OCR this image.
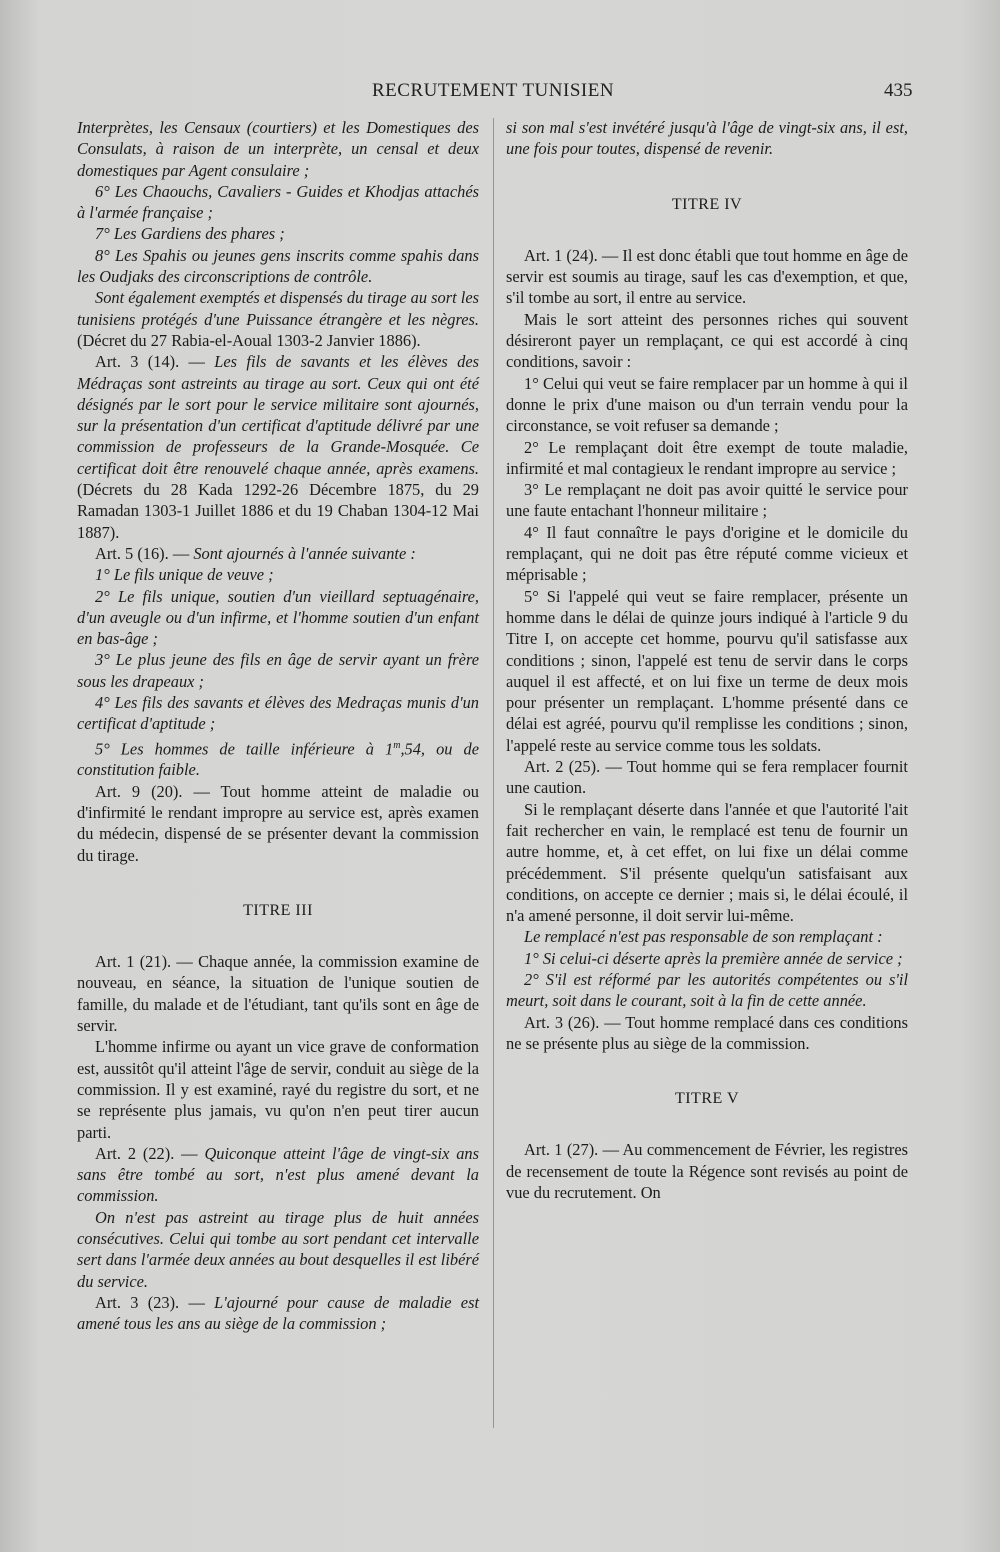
RECRUTEMENT TUNISIEN	435

Interprètes, les Censaux (courtiers) et les Domestiques des Consulats, à raison de un interprète, un censal et deux domestiques par Agent consulaire ;

6° Les Chaouchs, Cavaliers - Guides et Khodjas attachés à l'armée française ;

7° Les Gardiens des phares ;

8° Les Spahis ou jeunes gens inscrits comme spahis dans les Oudjaks des circonscriptions de contrôle.

Sont également exemptés et dispensés du tirage au sort les tunisiens protégés d'une Puissance étrangère et les nègres. (Décret du 27 Rabia-el-Aoual 1303-2 Janvier 1886).

Art. 3 (14). — Les fils de savants et les élèves des Médraças sont astreints au tirage au sort. Ceux qui ont été désignés par le sort pour le service militaire sont ajournés, sur la présentation d'un certificat d'aptitude délivré par une commission de professeurs de la Grande-Mosquée. Ce certificat doit être renouvelé chaque année, après examens. (Décrets du 28 Kada 1292-26 Décembre 1875, du 29 Ramadan 1303-1 Juillet 1886 et du 19 Chaban 1304-12 Mai 1887).

Art. 5 (16). — Sont ajournés à l'année suivante :

1° Le fils unique de veuve ;

2° Le fils unique, soutien d'un vieillard septuagénaire, d'un aveugle ou d'un infirme, et l'homme soutien d'un enfant en bas-âge ;

3° Le plus jeune des fils en âge de servir ayant un frère sous les drapeaux ;

4° Les fils des savants et élèves des Medraças munis d'un certificat d'aptitude ;

5° Les hommes de taille inférieure à 1$^m$,54, ou de constitution faible.

Art. 9 (20). — Tout homme atteint de maladie ou d'infirmité le rendant impropre au service est, après examen du médecin, dispensé de se présenter devant la commission du tirage.

TITRE III

Art. 1 (21). — Chaque année, la commission examine de nouveau, en séance, la situation de l'unique soutien de famille, du malade et de l'étudiant, tant qu'ils sont en âge de servir.

L'homme infirme ou ayant un vice grave de conformation est, aussitôt qu'il atteint l'âge de servir, conduit au siège de la commission. Il y est examiné, rayé du registre du sort, et ne se représente plus jamais, vu qu'on n'en peut tirer aucun parti.

Art. 2 (22). — Quiconque atteint l'âge de vingt-six ans sans être tombé au sort, n'est plus amené devant la commission.

On n'est pas astreint au tirage plus de huit années consécutives. Celui qui tombe au sort pendant cet intervalle sert dans l'armée deux années au bout desquelles il est libéré du service.

Art. 3 (23). — L'ajourné pour cause de maladie est amené tous les ans au siège de la commission ;

si son mal s'est invétéré jusqu'à l'âge de vingt-six ans, il est, une fois pour toutes, dispensé de revenir.

TITRE IV

Art. 1 (24). — Il est donc établi que tout homme en âge de servir est soumis au tirage, sauf les cas d'exemption, et que, s'il tombe au sort, il entre au service.

Mais le sort atteint des personnes riches qui souvent désireront payer un remplaçant, ce qui est accordé à cinq conditions, savoir :

1° Celui qui veut se faire remplacer par un homme à qui il donne le prix d'une maison ou d'un terrain vendu pour la circonstance, se voit refuser sa demande ;

2° Le remplaçant doit être exempt de toute maladie, infirmité et mal contagieux le rendant impropre au service ;

3° Le remplaçant ne doit pas avoir quitté le service pour une faute entachant l'honneur militaire ;

4° Il faut connaître le pays d'origine et le domicile du remplaçant, qui ne doit pas être réputé comme vicieux et méprisable ;

5° Si l'appelé qui veut se faire remplacer, présente un homme dans le délai de quinze jours indiqué à l'article 9 du Titre I, on accepte cet homme, pourvu qu'il satisfasse aux conditions ; sinon, l'appelé est tenu de servir dans le corps auquel il est affecté, et on lui fixe un terme de deux mois pour présenter un remplaçant. L'homme présenté dans ce délai est agréé, pourvu qu'il remplisse les conditions ; sinon, l'appelé reste au service comme tous les soldats.

Art. 2 (25). — Tout homme qui se fera remplacer fournit une caution.

Si le remplaçant déserte dans l'année et que l'autorité l'ait fait rechercher en vain, le remplacé est tenu de fournir un autre homme, et, à cet effet, on lui fixe un délai comme précédemment. S'il présente quelqu'un satisfaisant aux conditions, on accepte ce dernier ; mais si, le délai écoulé, il n'a amené personne, il doit servir lui-même.

Le remplacé n'est pas responsable de son remplaçant :

1° Si celui-ci déserte après la première année de service ;

2° S'il est réformé par les autorités compétentes ou s'il meurt, soit dans le courant, soit à la fin de cette année.

Art. 3 (26). — Tout homme remplacé dans ces conditions ne se présente plus au siège de la commission.

TITRE V

Art. 1 (27). — Au commencement de Février, les registres de recensement de toute la Régence sont revisés au point de vue du recrutement. On
